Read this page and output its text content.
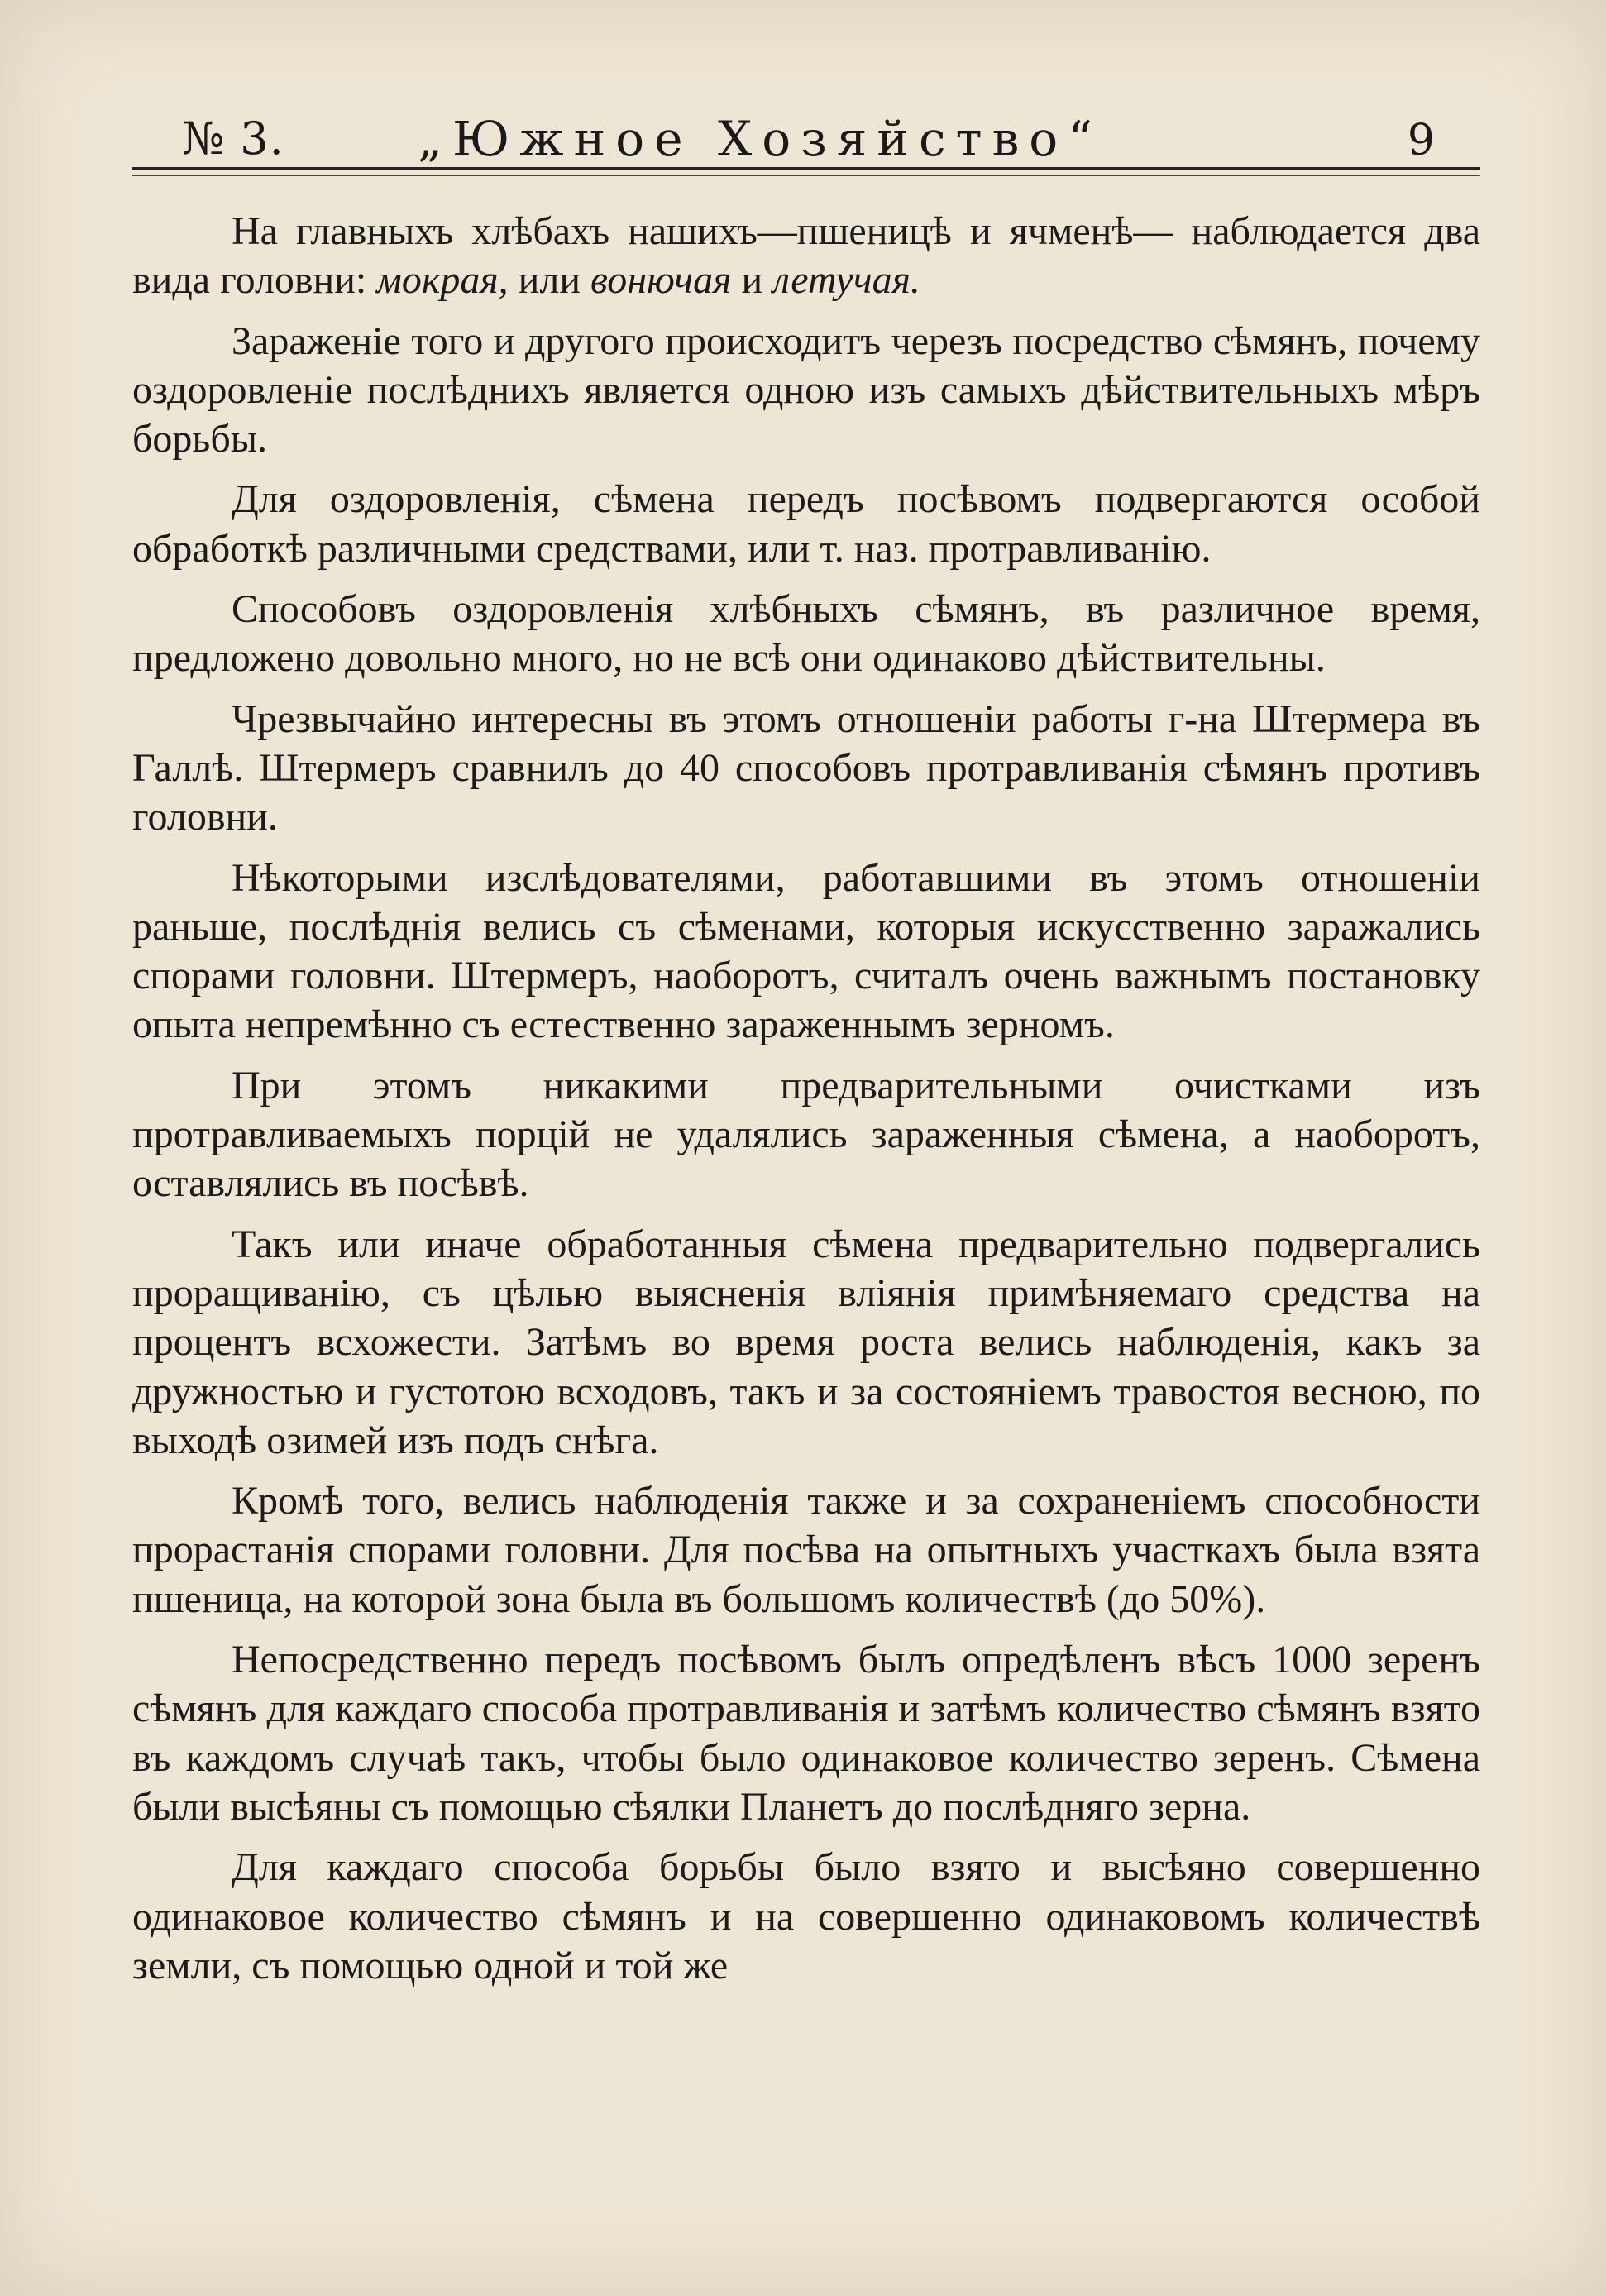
№ 3.	„Южное Хозяйство“	9

На главныхъ хлѣбахъ нашихъ—пшеницѣ и ячменѣ— наблюдается два вида головни: мокрая, или вонючая и летучая.

Зараженіе того и другого происходитъ черезъ посредство сѣмянъ, почему оздоровленіе послѣднихъ является одною изъ самыхъ дѣйствительныхъ мѣръ борьбы.

Для оздоровленія, сѣмена передъ посѣвомъ подвергаются особой обработкѣ различными средствами, или т. наз. протравливанію.

Способовъ оздоровленія хлѣбныхъ сѣмянъ, въ различное время, предложено довольно много, но не всѣ они одинаково дѣйствительны.

Чрезвычайно интересны въ этомъ отношеніи работы г-на Штермера въ Галлѣ. Штермеръ сравнилъ до 40 способовъ протравливанія сѣмянъ противъ головни.

Нѣкоторыми изслѣдователями, работавшими въ этомъ отношеніи раньше, послѣднія велись съ сѣменами, которыя искусственно заражались спорами головни. Штермеръ, наоборотъ, считалъ очень важнымъ постановку опыта непремѣнно съ естественно зараженнымъ зерномъ.

При этомъ никакими предварительными очистками изъ протравливаемыхъ порцій не удалялись зараженныя сѣмена, а наоборотъ, оставлялись въ посѣвѣ.

Такъ или иначе обработанныя сѣмена предварительно подвергались проращиванію, съ цѣлью выясненія вліянія примѣняемаго средства на процентъ всхожести. Затѣмъ во время роста велись наблюденія, какъ за дружностью и густотою всходовъ, такъ и за состояніемъ травостоя весною, по выходѣ озимей изъ подъ снѣга.

Кромѣ того, велись наблюденія также и за сохраненіемъ способности прорастанія спорами головни. Для посѣва на опытныхъ участкахъ была взята пшеница, на которой зона была въ большомъ количествѣ (до 50%).

Непосредственно передъ посѣвомъ былъ опредѣленъ вѣсъ 1000 зеренъ сѣмянъ для каждаго способа протравливанія и затѣмъ количество сѣмянъ взято въ каждомъ случаѣ такъ, чтобы было одинаковое количество зеренъ. Сѣмена были высѣяны съ помощью сѣялки Планетъ до послѣдняго зерна.

Для каждаго способа борьбы было взято и высѣяно совершенно одинаковое количество сѣмянъ и на совершенно одинаковомъ количествѣ земли, съ помощью одной и той же
